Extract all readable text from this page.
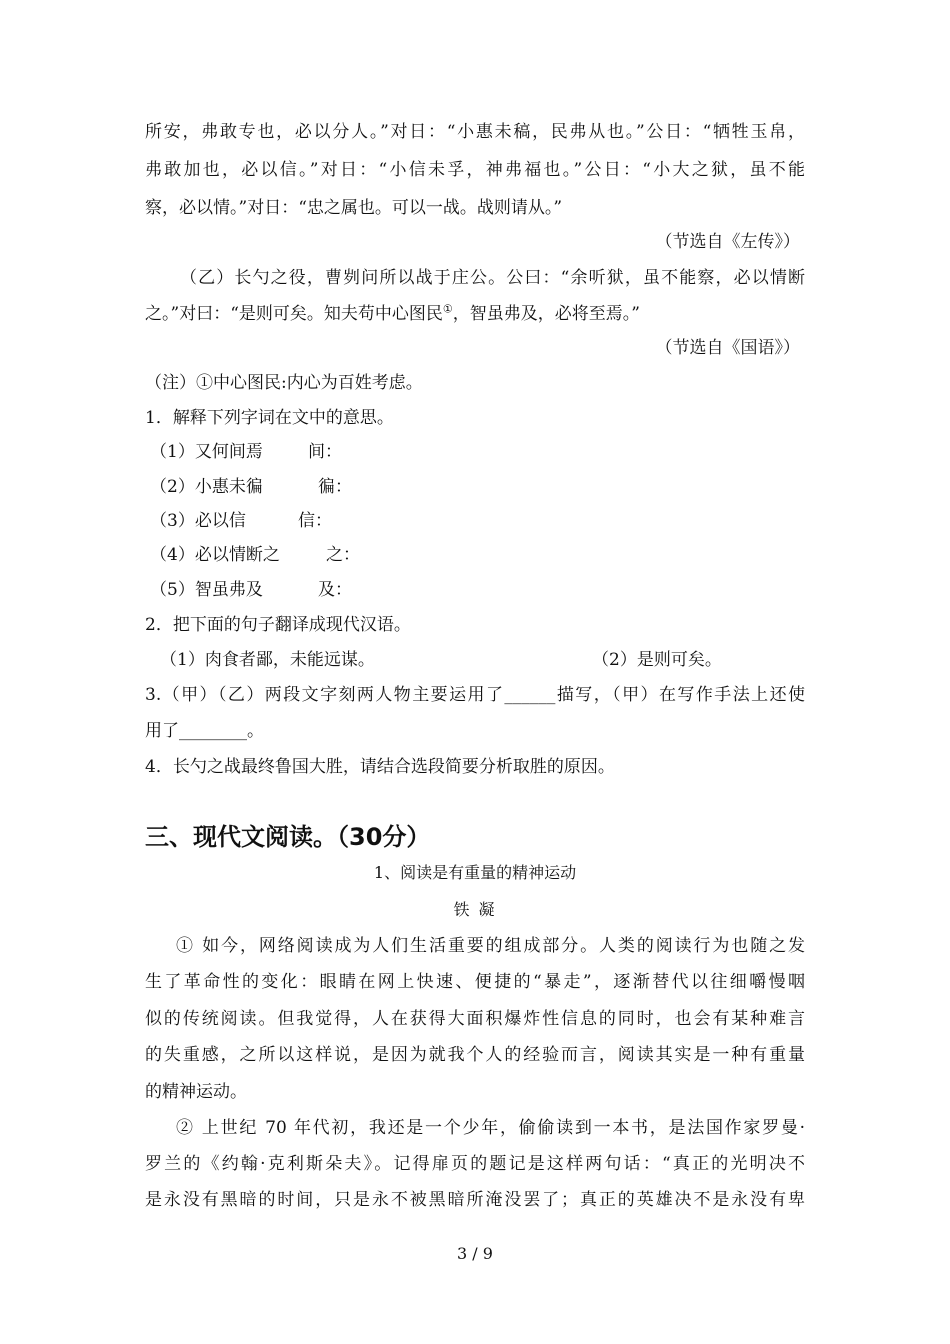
所安，弗敢专也，必以分人。”对日：“小惠未稿，民弗从也。”公日：“牺牲玉帛，
弗敢加也，必以信。”对日：“小信未孚，神弗福也。”公日：“小大之狱，虽不能
察，必以情。”对日：“忠之属也。可以一战。战则请从。”
（节选自《左传》）
（乙）长勺之役，曹刿问所以战于庄公。公曰：“余听狱，虽不能察，必以情断
之。”对曰：“是则可矣。知夫苟中心图民①，智虽弗及，必将至焉。”
（节选自《国语》）
（注）①中心图民:内心为百姓考虑。
1．解释下列字词在文中的意思。
（1）又何间焉	间：
（2）小惠未徧	徧：
（3）必以信	信：
（4）必以情断之	之：
（5）智虽弗及	及：
2．把下面的句子翻译成现代汉语。
（1）肉食者鄙，未能远谋。	（2）是则可矣。
3.（甲）（乙）两段文字刻两人物主要运用了______描写，（甲）在写作手法上还使
用了________。
4．长勺之战最终鲁国大胜，请结合选段简要分析取胜的原因。
三、现代文阅读。（30分）
1、阅读是有重量的精神运动
铁 凝
① 如今，网络阅读成为人们生活重要的组成部分。人类的阅读行为也随之发
生了革命性的变化：眼睛在网上快速、便捷的“暴走”，逐渐替代以往细嚼慢咽
似的传统阅读。但我觉得，人在获得大面积爆炸性信息的同时，也会有某种难言
的失重感，之所以这样说，是因为就我个人的经验而言，阅读其实是一种有重量
的精神运动。
② 上世纪 70 年代初，我还是一个少年，偷偷读到一本书，是法国作家罗曼·
罗兰的《约翰·克利斯朵夫》。记得扉页的题记是这样两句话：“真正的光明决不
是永没有黑暗的时间，只是永不被黑暗所淹没罢了；真正的英雄决不是永没有卑
3 / 9
